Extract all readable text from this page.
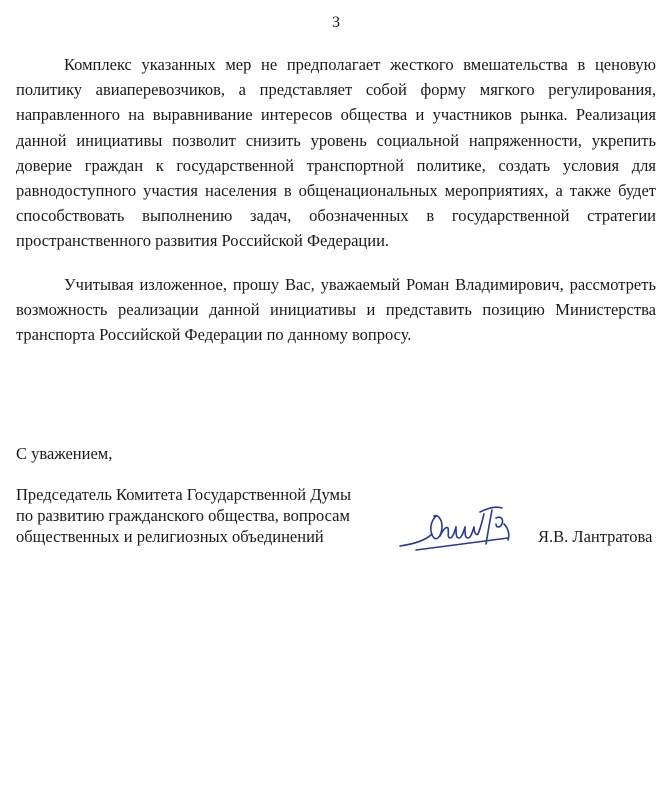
3

Комплекс указанных мер не предполагает жесткого вмешательства в ценовую политику авиаперевозчиков, а представляет собой форму мягкого регулирования, направленного на выравнивание интересов общества и участников рынка. Реализация данной инициативы позволит снизить уровень социальной напряженности, укрепить доверие граждан к государственной транспортной политике, создать условия для равнодоступного участия населения в общенациональных мероприятиях, а также будет способствовать выполнению задач, обозначенных в государственной стратегии пространственного развития Российской Федерации.

Учитывая изложенное, прошу Вас, уважаемый Роман Владимирович, рассмотреть возможность реализации данной инициативы и представить позицию Министерства транспорта Российской Федерации по данному вопросу.

С уважением,
Председатель Комитета Государственной Думы
по развитию гражданского общества, вопросам
общественных и религиозных объединений	Я.В. Лантратова
